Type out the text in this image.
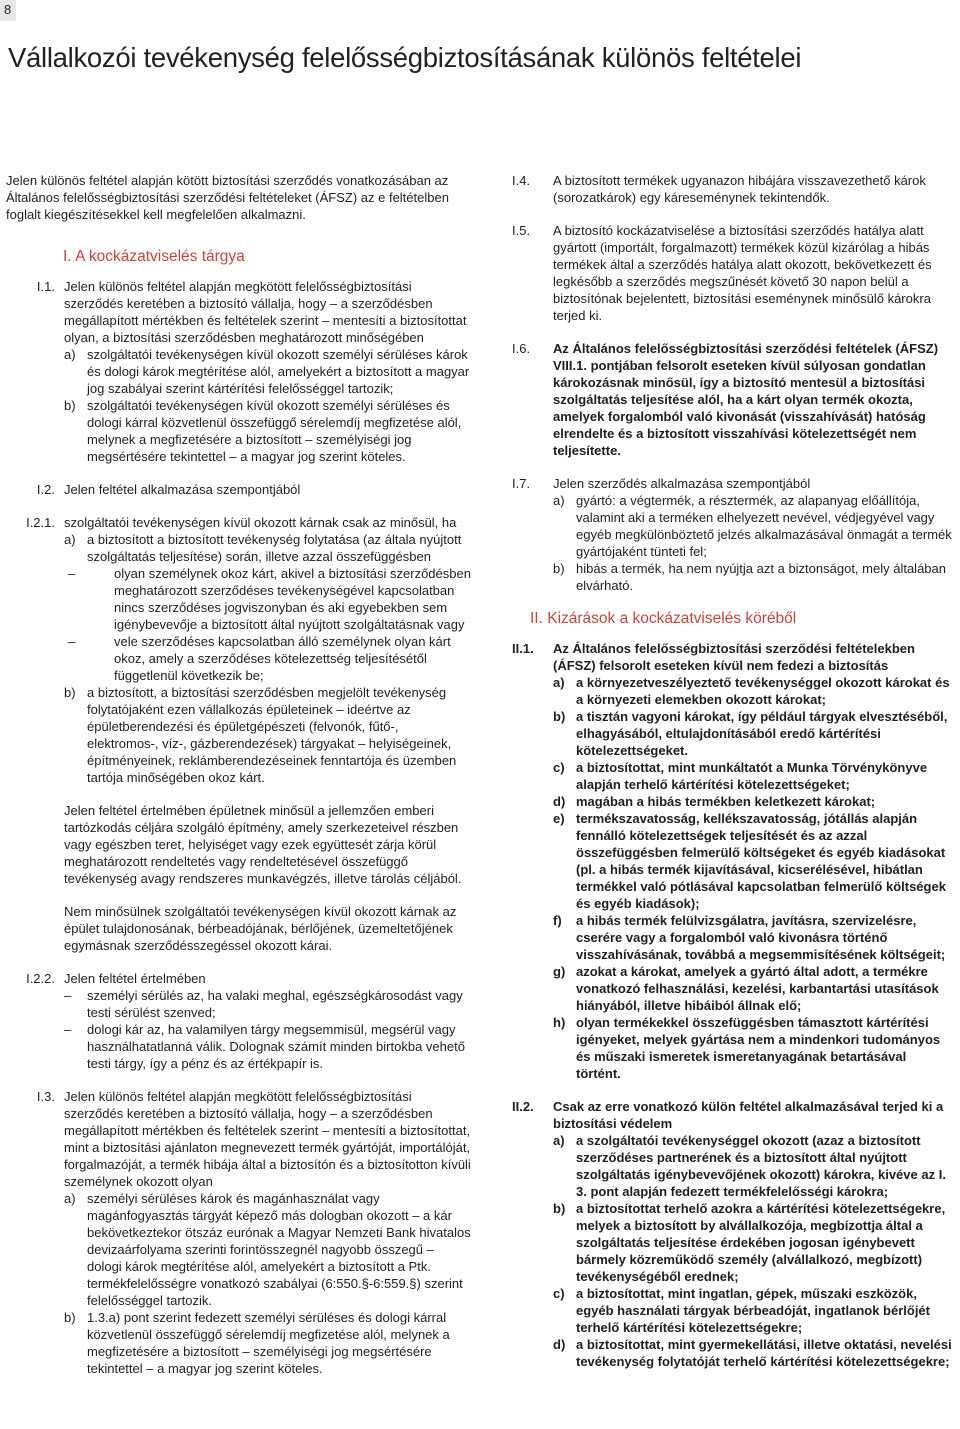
8
Vállalkozói tevékenység felelősségbiztosításának különös feltételei

Jelen különös feltétel alapján kötött biztosítási szerződés vonatkozásában az Általános felelősségbiztosítási szerződési feltételeket (ÁFSZ) az e feltételben foglalt kiegészítésekkel kell megfelelően alkalmazni.

I. A kockázatviselés tárgya
I.1. Jelen különös feltétel alapján megkötött felelősségbiztosítási szerződés keretében a biztosító vállalja, hogy – a szerződésben megállapított mértékben és feltételek szerint – mentesíti a biztosítottat olyan, a biztosítási szerződésben meghatározott minőségében

a) szolgáltatói tevékenységen kívül okozott személyi sérüléses károk és dologi károk megtérítése alól, amelyekért a biztosított a magyar jog szabályai szerint kártérítési felelősséggel tartozik;
b) szolgáltatói tevékenységen kívül okozott személyi sérüléses és dologi kárral közvetlenül összefüggő sérelemdíj megfizetése alól, melynek a megfizetésére a biztosított – személyiségi jog megsértésére tekintettel – a magyar jog szerint köteles.
I.2. Jelen feltétel alkalmazása szempontjából

I.2.1. szolgáltatói tevékenységen kívül okozott kárnak csak az minősül, ha

a) a biztosított a biztosított tevékenység folytatása (az általa nyújtott szolgáltatás teljesítése) során, illetve azzal összefüggésben
–	olyan személynek okoz kárt, akivel a biztosítási szerződésben meghatározott szerződéses tevékenységével kapcsolatban nincs szerződéses jogviszonyban és aki egyebekben sem igénybevevője a biztosított által nyújtott szolgáltatásnak vagy
–	vele szerződéses kapcsolatban álló személynek olyan kárt okoz, amely a szerződéses kötelezettség teljesítésétől függetlenül következik be;
b) a biztosított, a biztosítási szerződésben megjelölt tevékenység folytatójaként ezen vállalkozás épületeinek – ideértve az épületberendezési és épületgépészeti (felvonók, fűtő-, elektromos-, víz-, gázberendezések) tárgyakat – helyiségeinek, építményeinek, reklámberendezéseinek fenntartója és üzemben tartója minőségében okoz kárt.

Jelen feltétel értelmében épületnek minősül a jellemzően emberi tartózkodás céljára szolgáló építmény, amely szerkezeteivel részben vagy egészben teret, helyiséget vagy ezek együttesét zárja körül meghatározott rendeltetés vagy rendeltetésével összefüggő tevékenység avagy rendszeres munkavégzés, illetve tárolás céljából.

Nem minősülnek szolgáltatói tevékenységen kívül okozott kárnak az épület tulajdonosának, bérbeadójának, bérlőjének, üzemeltetőjének egymásnak szerződésszegéssel okozott kárai.

I.2.2. Jelen feltétel értelmében

–	személyi sérülés az, ha valaki meghal, egészségkárosodást vagy testi sérülést szenved;
–	dologi kár az, ha valamilyen tárgy megsemmisül, megsérül vagy használhatatlanná válik. Dolognak számít minden birtokba vehető testi tárgy, így a pénz és az értékpapír is.
I.3. Jelen különös feltétel alapján megkötött felelősségbiztosítási szerződés keretében a biztosító vállalja, hogy – a szerződésben megállapított mértékben és feltételek szerint – mentesíti a biztosítottat, mint a biztosítási ajánlaton megnevezett termék gyártóját, importálóját, forgalmazóját, a termék hibája által a biztosítón és a biztosítotton kívüli személynek okozott olyan

a) személyi sérüléses károk és magánhasználat vagy magánfogyasztás tárgyát képező más dologban okozott – a kár bekövetkeztekor ötszáz eurónak a Magyar Nemzeti Bank hivatalos devizaárfolyama szerinti forintösszegnél nagyobb összegű – dologi károk megtérítése alól, amelyekért a biztosított a Ptk. termékfelelősségre vonatkozó szabályai (6:550.§-6:559.§) szerint felelősséggel tartozik.
b) 1.3.a) pont szerint fedezett személyi sérüléses és dologi kárral közvetlenül összefüggő sérelemdíj megfizetése alól, melynek a megfizetésére a biztosított – személyiségi jog megsértésére tekintettel – a magyar jog szerint köteles.
I.4.	A biztosított termékek ugyanazon hibájára visszavezethető károk (sorozatkárok) egy káreseménynek tekintendők.

I.5.	A biztosító kockázatviselése a biztosítási szerződés hatálya alatt gyártott (importált, forgalmazott) termékek közül kizárólag a hibás termékek által a szerződés hatálya alatt okozott, bekövetkezett és legkésőbb a szerződés megszűnését követő 30 napon belül a biztosítónak bejelentett, biztosítási eseménynek minősülő károkra terjed ki.

I.6.	Az Általános felelősségbiztosítási szerződési feltételek (ÁFSZ) VIII.1. pontjában felsorolt eseteken kívül súlyosan gondatlan károkozásnak minősül, így a biztosító mentesül a biztosítási szolgáltatás teljesítése alól, ha a kárt olyan termék okozta, amelyek forgalomból való kivonását (visszahívását) hatóság elrendelte és a biztosított visszahívási kötelezettségét nem teljesítette.

I.7.	Jelen szerződés alkalmazása szempontjából

a) gyártó: a végtermék, a résztermék, az alapanyag előállítója, valamint aki a terméken elhelyezett nevével, védjegyével vagy egyéb megkülönböztető jelzés alkalmazásával önmagát a termék gyártójaként tünteti fel;
b) hibás a termék, ha nem nyújtja azt a biztonságot, mely általában elvárható.
II. Kizárások a kockázatviselés köréből
II.1.	Az Általános felelősségbiztosítási szerződési feltételekben (ÁFSZ) felsorolt eseteken kívül nem fedezi a biztosítás

a) a környezetveszélyeztető tevékenységgel okozott károkat és a környezeti elemekben okozott károkat;
b) a tisztán vagyoni károkat, így például tárgyak elvesztéséből, elhagyásából, eltulajdonításából eredő kártérítési kötelezettségeket.
c) a biztosítottat, mint munkáltatót a Munka Törvénykönyve alapján terhelő kártérítési kötelezettségeket;
d) magában a hibás termékben keletkezett károkat;
e) termékszavatosság, kellékszavatosság, jótállás alapján fennálló kötelezettségek teljesítését és az azzal összefüggésben felmerülő költségeket és egyéb kiadásokat (pl. a hibás termék kijavításával, kicserélésével, hibátlan termékkel való pótlásával kapcsolatban felmerülő költségek és egyéb kiadások);
f)	a hibás termék felülvizsgálatra, javításra, szervizelésre, cserére vagy a forgalomból való kivonásra történő visszahívásának, továbbá a megsemmisítésének költségeit;
g) azokat a károkat, amelyek a gyártó által adott, a termékre vonatkozó felhasználási, kezelési, karbantartási utasítások hiányából, illetve hibáiból állnak elő;
h) olyan termékekkel összefüggésben támasztott kártérítési igényeket, melyek gyártása nem a mindenkori tudományos és műszaki ismeretek ismeretanyagának betartásával történt.
II.2.	Csak az erre vonatkozó külön feltétel alkalmazásával terjed ki a biztosítási védelem

a) a szolgáltatói tevékenységgel okozott (azaz a biztosított szerződéses partnerének és a biztosított által nyújtott szolgáltatás igénybevevőjének okozott) károkra, kivéve az I. 3. pont alapján fedezett termékfelelősségi károkra;
b) a biztosítottat terhelő azokra a kártérítési kötelezettségekre, melyek a biztosított by alvállalkozója, megbízottja által a szolgáltatás teljesítése érdekében jogosan igénybevett bármely közreműködő személy (alvállalkozó, megbízott) tevékenységéből erednek;
c) a biztosítottat, mint ingatlan, gépek, műszaki eszközök, egyéb használati tárgyak bérbeadóját, ingatlanok bérlőjét terhelő kártérítési kötelezettségekre;
d) a biztosítottat, mint gyermekellátási, illetve oktatási, nevelési tevékenység folytatóját terhelő kártérítési kötelezettségekre;
